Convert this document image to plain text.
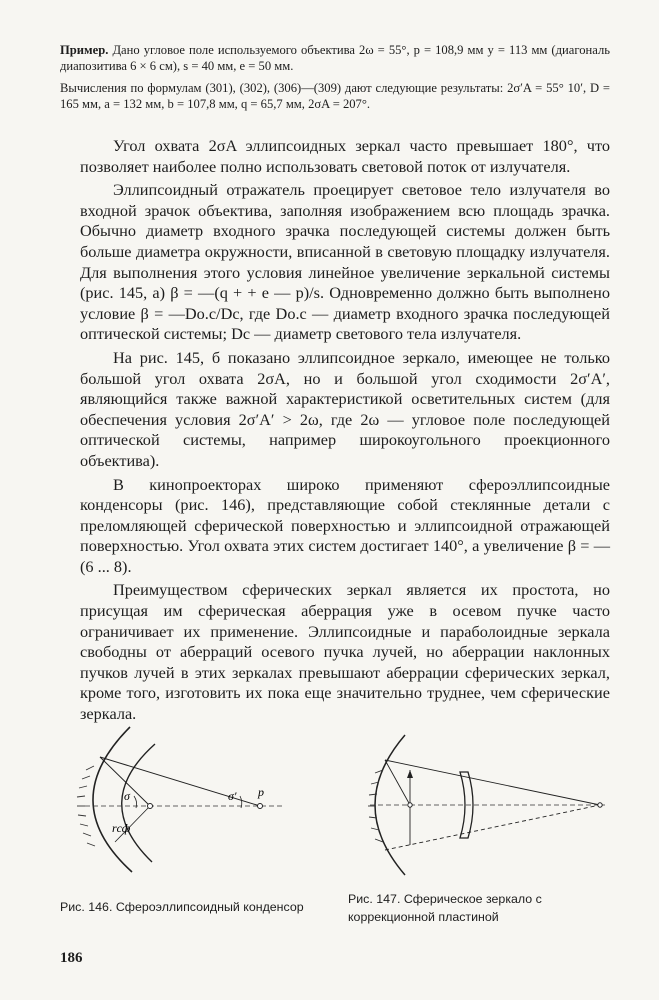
Пример. Дано угловое поле используемого объектива 2ω = 55°, p = 108,9 мм y = 113 мм (диагональ диапозитива 6 × 6 см), s = 40 мм, e = 50 мм.
Вычисления по формулам (301), (302), (306)—(309) дают следующие результаты: 2σ′A = 55° 10′, D = 165 мм, a = 132 мм, b = 107,8 мм, q = 65,7 мм, 2σA = 207°.

Угол охвата 2σA эллипсоидных зеркал часто превышает 180°, что позволяет наиболее полно использовать световой поток от излучателя.

Эллипсоидный отражатель проецирует световое тело излучателя во входной зрачок объектива, заполняя изображением всю площадь зрачка. Обычно диаметр входного зрачка последующей системы должен быть больше диаметра окружности, вписанной в световую площадку излучателя. Для выполнения этого условия линейное увеличение зеркальной системы (рис. 145, а) β = —(q + + e — p)/s. Одновременно должно быть выполнено условие β = —Dо.с/Dс, где Dо.с — диаметр входного зрачка последующей оптической системы; Dс — диаметр светового тела излучателя.

На рис. 145, б показано эллипсоидное зеркало, имеющее не только большой угол охвата 2σA, но и большой угол сходимости 2σ′A′, являющийся также важной характеристикой осветительных систем (для обеспечения условия 2σ′A′ > 2ω, где 2ω — угловое поле последующей оптической системы, например широкоугольного проекционного объектива).

В кинопроекторах широко применяют сфероэллипсоидные конденсоры (рис. 146), представляющие собой стеклянные детали с преломляющей сферической поверхностью и эллипсоидной отражающей поверхностью. Угол охвата этих систем достигает 140°, а увеличение β = —(6 ... 8).

Преимуществом сферических зеркал является их простота, но присущая им сферическая аберрация уже в осевом пучке часто ограничивает их применение. Эллипсоидные и параболоидные зеркала свободны от аберраций осевого пучка лучей, но аберрации наклонных пучков лучей в этих зеркалах превышают аберрации сферических зеркал, кроме того, изготовить их пока еще значительно труднее, чем сферические зеркала.

σ	σ′ p
rсф
Рис. 146. Сфероэллипсоидный конденсор
Рис. 147. Сферическое зеркало с коррекционной пластиной
186
